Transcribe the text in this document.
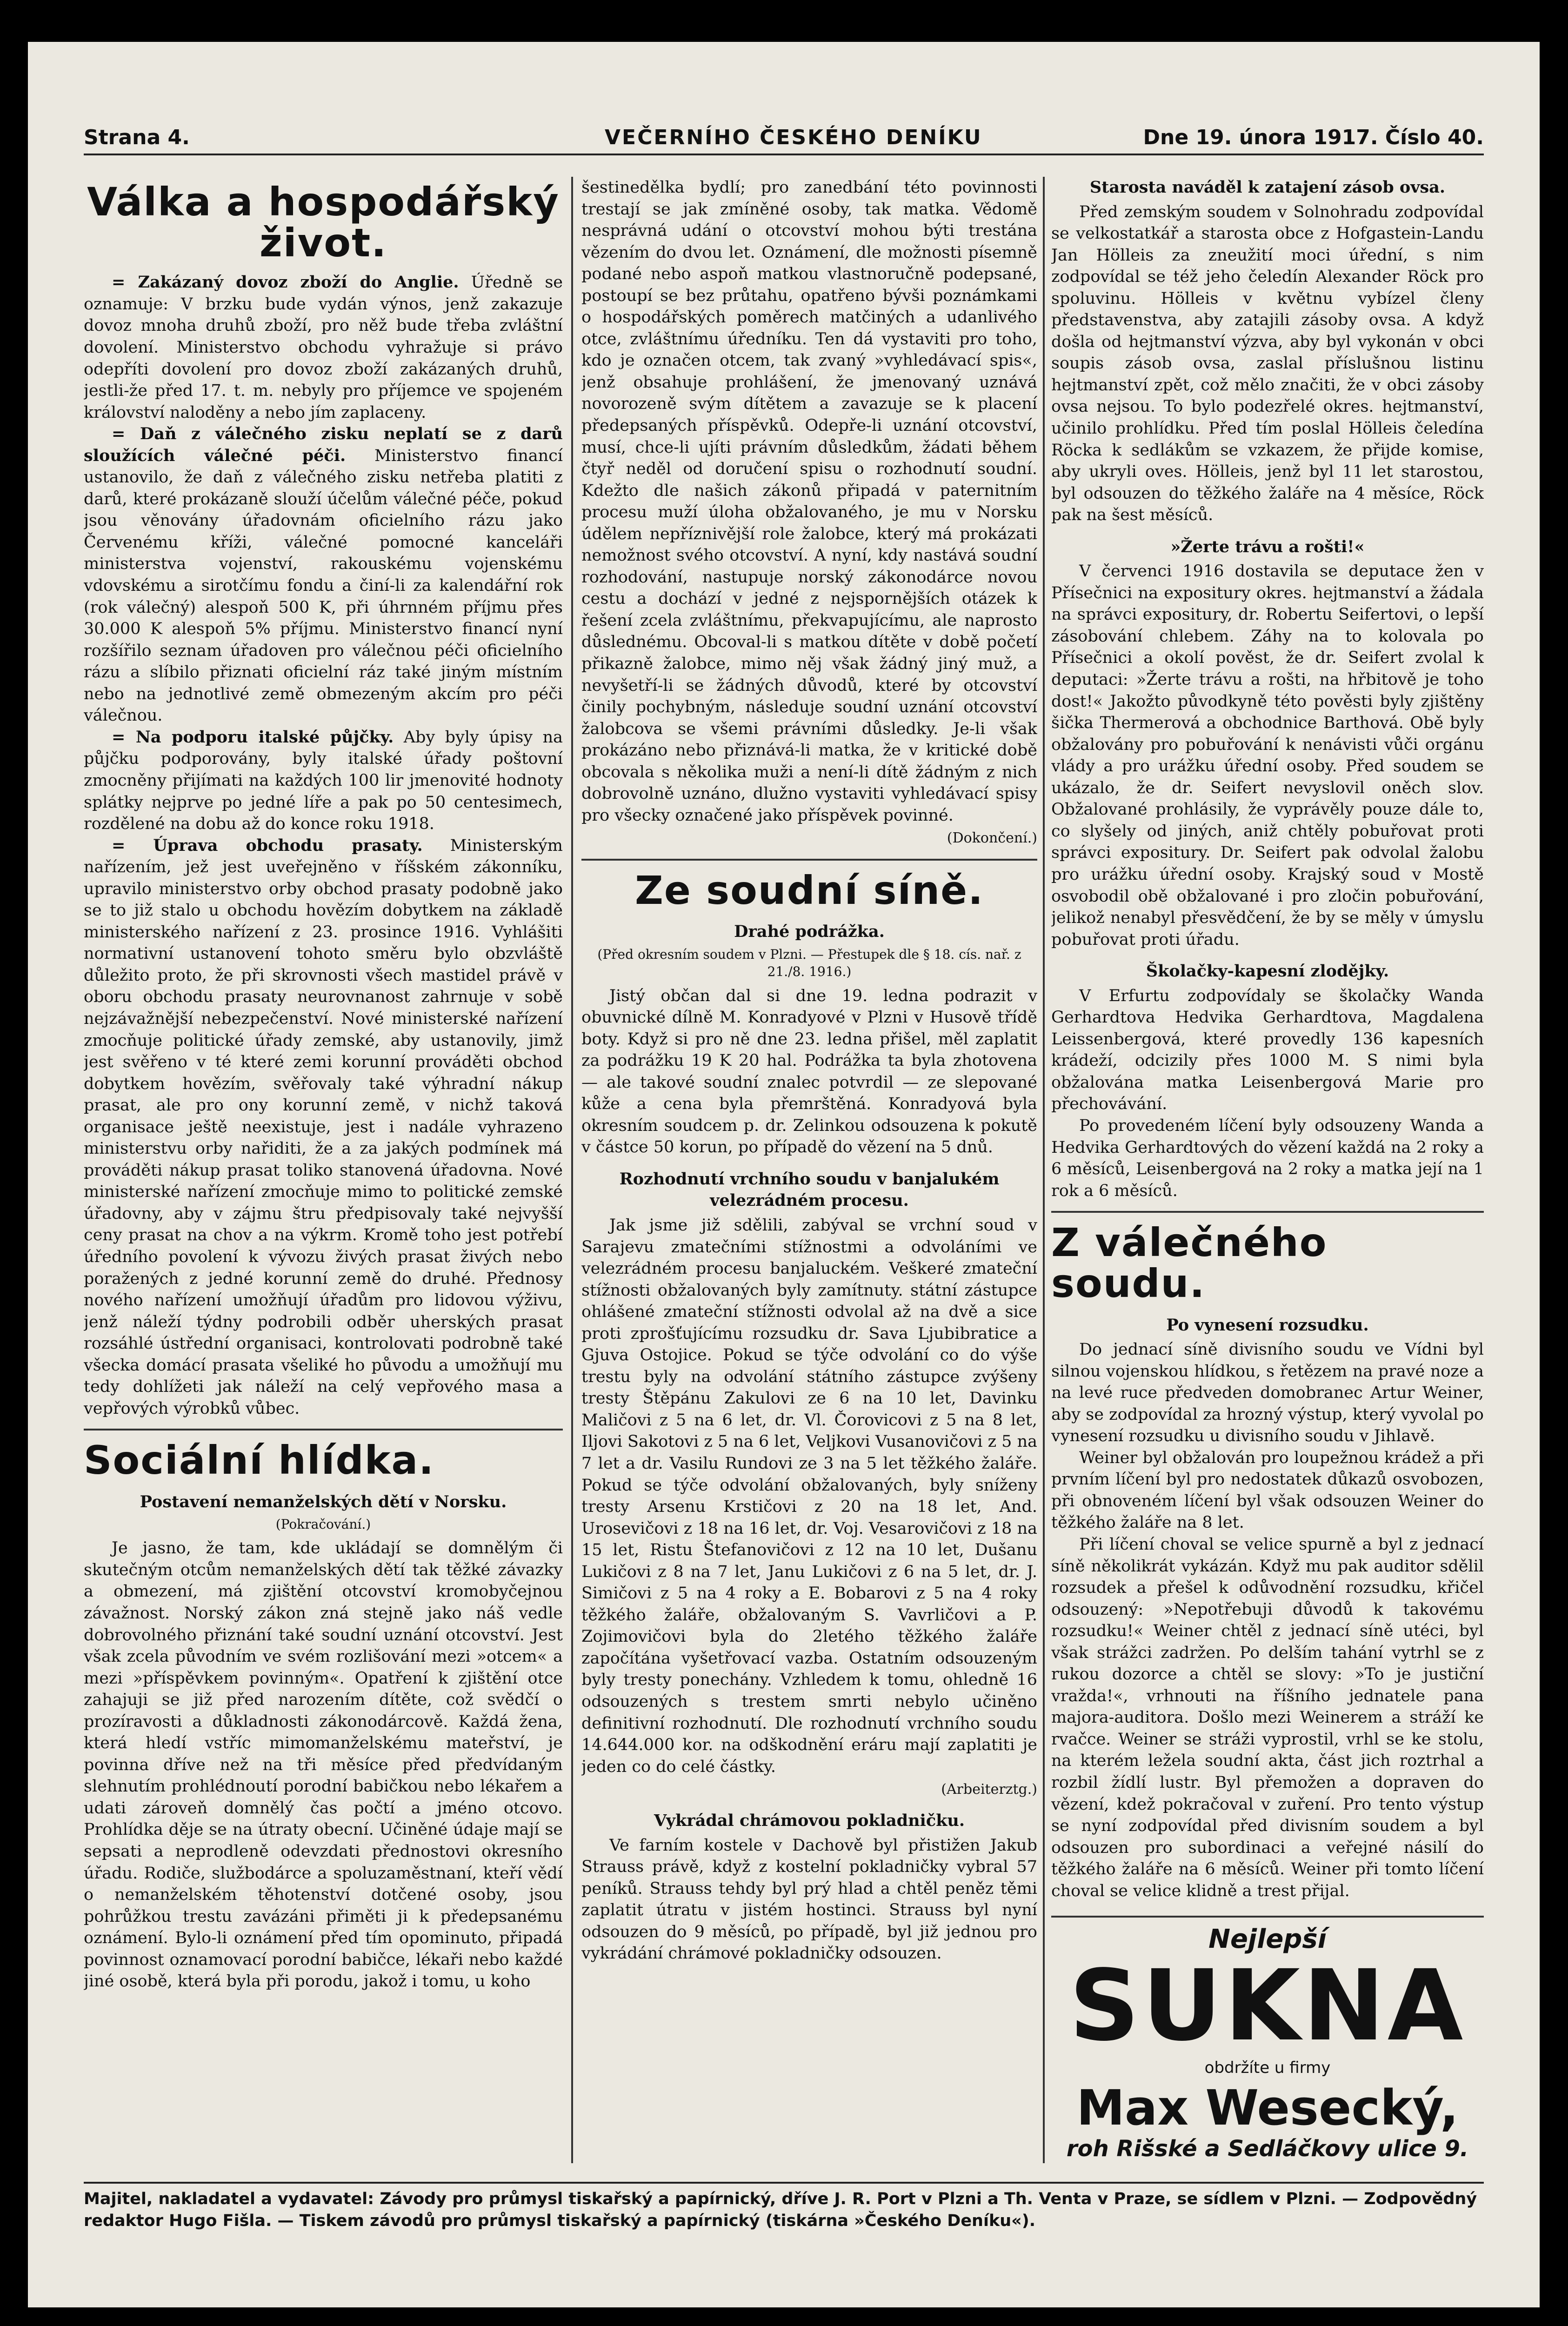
Strana 4.	VEČERNÍHO ČESKÉHO DENÍKU	Dne 19. února 1917. Číslo 40.
Válka a hospodářský život.

= Zakázaný dovoz zboží do Anglie. Úředně se oznamuje: V brzku bude vydán výnos, jenž zakazuje dovoz mnoha druhů zboží, pro něž bude třeba zvláštní dovolení. Ministerstvo obchodu vyhražuje si právo odepříti dovolení pro dovoz zboží zakázaných druhů, jestli-že před 17. t. m. nebyly pro příjemce ve spojeném království naloděny a nebo jím zaplaceny.

= Daň z válečného zisku neplatí se z darů sloužících válečné péči. Ministerstvo financí ustanovilo, že daň z válečného zisku netřeba platiti z darů, které prokázaně slouží účelům válečné péče, pokud jsou věnovány úřadovnám oficielního rázu jako Červenému kříži, válečné pomocné kanceláři ministerstva vojenství, rakouskému vojenskému vdovskému a sirotčímu fondu a činí-li za kalendářní rok (rok válečný) alespoň 500 K, při úhrnném příjmu přes 30.000 K alespoň 5% příjmu. Ministerstvo financí nyní rozšířilo seznam úřadoven pro válečnou péči oficielního rázu a slíbilo přiznati oficielní ráz také jiným místním nebo na jednotlivé země obmezeným akcím pro péči válečnou.

= Na podporu italské půjčky. Aby byly úpisy na půjčku podporovány, byly italské úřady poštovní zmocněny přijímati na každých 100 lir jmenovité hodnoty splátky nejprve po jedné líře a pak po 50 centesimech, rozdělené na dobu až do konce roku 1918.

= Úprava obchodu prasaty. Ministerským nařízením, jež jest uveřejněno v říšském zákonníku, upravilo ministerstvo orby obchod prasaty podobně jako se to již stalo u obchodu hovězím dobytkem na základě ministerského nařízení z 23. prosince 1916. Vyhlášiti normativní ustanovení tohoto směru bylo obzvláště důležito proto, že při skrovnosti všech mastidel právě v oboru obchodu prasaty neurovnanost zahrnuje v sobě nejzávažnější nebezpečenství. Nové ministerské nařízení zmocňuje politické úřady zemské, aby ustanovily, jimž jest svěřeno v té které zemi korunní prováděti obchod dobytkem hovězím, svěřovaly také výhradní nákup prasat, ale pro ony korunní země, v nichž taková organisace ještě neexistuje, jest i nadále vyhrazeno ministerstvu orby nařiditi, že a za jakých podmínek má prováděti nákup prasat toliko stanovená úřadovna. Nové ministerské nařízení zmocňuje mimo to politické zemské úřadovny, aby v zájmu štru předpisovaly také nejvyšší ceny prasat na chov a na výkrm. Kromě toho jest potřebí úředního povolení k vývozu živých prasat živých nebo poražených z jedné korunní země do druhé. Přednosy nového nařízení umožňují úřadům pro lidovou výživu, jenž náleží týdny podrobili odběr uherských prasat rozsáhlé ústřední organisaci, kontrolovati podrobně také všecka domácí prasata všeliké ho původu a umožňují mu tedy dohlížeti jak náleží na celý vepřového masa a vepřových výrobků vůbec.

Sociální hlídka.
Postavení nemanželských dětí v Norsku.
(Pokračování.)

Je jasno, že tam, kde ukládají se domnělým či skutečným otcům nemanželských dětí tak těžké závazky a obmezení, má zjištění otcovství kromobyčejnou závažnost. Norský zákon zná stejně jako náš vedle dobrovolného přiznání také soudní uznání otcovství. Jest však zcela původním ve svém rozlišování mezi »otcem« a mezi »příspěvkem povinným«. Opatření k zjištění otce zahajuji se již před narozením dítěte, což svědčí o prozíravosti a důkladnosti zákonodárcově. Každá žena, která hledí vstříc mimomanželskému mateřství, je povinna dříve než na tři měsíce před předvídaným slehnutím prohlédnoutí porodní babičkou nebo lékařem a udati zároveň domnělý čas počtí a jméno otcovo. Prohlídka děje se na útraty obecní. Učiněné údaje mají se sepsati a neprodleně odevzdati přednostovi okresního úřadu. Rodiče, službodárce a spoluzaměstnaní, kteří vědí o nemanželském těhotenství dotčené osoby, jsou pohrůžkou trestu zavázáni přiměti ji k předepsanému oznámení. Bylo-li oznámení před tím opominuto, připadá povinnost oznamovací porodní babičce, lékaři nebo každé jiné osobě, která byla při porodu, jakož i tomu, u koho

šestinedělka bydlí; pro zanedbání této povinnosti trestají se jak zmíněné osoby, tak matka. Vědomě nesprávná udání o otcovství mohou býti trestána vězením do dvou let. Oznámení, dle možnosti písemně podané nebo aspoň matkou vlastnoručně podepsané, postoupí se bez průtahu, opatřeno bývši poznámkami o hospodářských poměrech matčiných a udanlivého otce, zvláštnímu úředníku. Ten dá vystaviti pro toho, kdo je označen otcem, tak zvaný »vyhledávací spis«, jenž obsahuje prohlášení, že jmenovaný uznává novorozeně svým dítětem a zavazuje se k placení předepsaných příspěvků. Odepře-li uznání otcovství, musí, chce-li ujíti právním důsledkům, žádati během čtyř neděl od doručení spisu o rozhodnutí soudní. Kdežto dle našich zákonů připadá v paternitním procesu muží úloha obžalovaného, je mu v Norsku údělem nepříznivější role žalobce, který má prokázati nemožnost svého otcovství. A nyní, kdy nastává soudní rozhodování, nastupuje norský zákonodárce novou cestu a dochází v jedné z nejspornějších otázek k řešení zcela zvláštnímu, překvapujícímu, ale naprosto důslednému. Obcoval-li s matkou dítěte v době početí přikazně žalobce, mimo něj však žádný jiný muž, a nevyšetří-li se žádných důvodů, které by otcovství činily pochybným, následuje soudní uznání otcovství žalobcova se všemi právními důsledky. Je-li však prokázáno nebo přiznává-li matka, že v kritické době obcovala s několika muži a není-li dítě žádným z nich dobrovolně uznáno, dlužno vystaviti vyhledávací spisy pro všecky označené jako příspěvek povinné.

(Dokončení.)
Ze soudní síně.
Drahé podrážka.
(Před okresním soudem v Plzni. — Přestupek dle § 18. cís. nař. z 21./8. 1916.)

Jistý občan dal si dne 19. ledna podrazit v obuvnické dílně M. Konradyové v Plzni v Husově třídě boty. Když si pro ně dne 23. ledna přišel, měl zaplatit za podrážku 19 K 20 hal. Podrážka ta byla zhotovena — ale takové soudní znalec potvrdil — ze slepované kůže a cena byla přemrštěná. Konradyová byla okresním soudcem p. dr. Zelinkou odsouzena k pokutě v částce 50 korun, po případě do vězení na 5 dnů.

Rozhodnutí vrchního soudu v banjalukém velezrádném procesu.

Jak jsme již sdělili, zabýval se vrchní soud v Sarajevu zmatečními stížnostmi a odvoláními ve velezrádném procesu banjaluckém. Veškeré zmateční stížnosti obžalovaných byly zamítnuty. státní zástupce ohlášené zmateční stížnosti odvolal až na dvě a sice proti zprošťujícímu rozsudku dr. Sava Ljubibratice a Gjuva Ostojice. Pokud se týče odvolání co do výše trestu byly na odvolání státního zástupce zvýšeny tresty Štěpánu Zakulovi ze 6 na 10 let, Davinku Maličovi z 5 na 6 let, dr. Vl. Čorovicovi z 5 na 8 let, Iljovi Sakotovi z 5 na 6 let, Veljkovi Vusanovičovi z 5 na 7 let a dr. Vasilu Rundovi ze 3 na 5 let těžkého žaláře. Pokud se týče odvolání obžalovaných, byly sníženy tresty Arsenu Krstičovi z 20 na 18 let, And. Urosevičovi z 18 na 16 let, dr. Voj. Vesarovičovi z 18 na 15 let, Ristu Štefanovičovi z 12 na 10 let, Dušanu Lukičovi z 8 na 7 let, Janu Lukičovi z 6 na 5 let, dr. J. Simičovi z 5 na 4 roky a E. Bobarovi z 5 na 4 roky těžkého žaláře, obžalovaným S. Vavrličovi a P. Zojimovičovi byla do 2letého těžkého žaláře započítána vyšetřovací vazba. Ostatním odsouzeným byly tresty ponechány. Vzhledem k tomu, ohledně 16 odsouzených s trestem smrti nebylo učiněno definitivní rozhodnutí. Dle rozhodnutí vrchního soudu 14.644.000 kor. na odškodnění eráru mají zaplatiti je jeden co do celé částky.

(Arbeiterztg.)
Vykrádal chrámovou pokladničku.

Ve farním kostele v Dachově byl přistižen Jakub Strauss právě, když z kostelní pokladničky vybral 57 peníků. Strauss tehdy byl prý hlad a chtěl peněz těmi zaplatit útratu v jistém hostinci. Strauss byl nyní odsouzen do 9 měsíců, po případě, byl již jednou pro vykrádání chrámové pokladničky odsouzen.

Starosta naváděl k zatajení zásob ovsa.

Před zemským soudem v Solnohradu zodpovídal se velkostatkář a starosta obce z Hofgastein-Landu Jan Hölleis za zneužití moci úřední, s nim zodpovídal se též jeho čeledín Alexander Röck pro spoluvinu. Hölleis v květnu vybízel členy představenstva, aby zatajili zásoby ovsa. A když došla od hejtmanství výzva, aby byl vykonán v obci soupis zásob ovsa, zaslal příslušnou listinu hejtmanství zpět, což mělo značiti, že v obci zásoby ovsa nejsou. To bylo podezřelé okres. hejtmanství, učinilo prohlídku. Před tím poslal Hölleis čeledína Röcka k sedlákům se vzkazem, že přijde komise, aby ukryli oves. Hölleis, jenž byl 11 let starostou, byl odsouzen do těžkého žaláře na 4 měsíce, Röck pak na šest měsíců.

»Žerte trávu a rošti!«

V červenci 1916 dostavila se deputace žen v Přísečnici na expositury okres. hejtmanství a žádala na správci expositury, dr. Robertu Seifertovi, o lepší zásobování chlebem. Záhy na to kolovala po Přísečnici a okolí pověst, že dr. Seifert zvolal k deputaci: »Žerte trávu a rošti, na hřbitově je toho dost!« Jakožto původkyně této pověsti byly zjištěny šička Thermerová a obchodnice Barthová. Obě byly obžalovány pro pobuřování k nenávisti vůči orgánu vlády a pro urážku úřední osoby. Před soudem se ukázalo, že dr. Seifert nevyslovil oněch slov. Obžalované prohlásily, že vyprávěly pouze dále to, co slyšely od jiných, aniž chtěly pobuřovat proti správci expositury. Dr. Seifert pak odvolal žalobu pro urážku úřední osoby. Krajský soud v Mostě osvobodil obě obžalované i pro zločin pobuřování, jelikož nenabyl přesvědčení, že by se měly v úmyslu pobuřovat proti úřadu.

Školačky-kapesní zlodějky.

V Erfurtu zodpovídaly se školačky Wanda Gerhardtova Hedvika Gerhardtova, Magdalena Leissenbergová, které provedly 136 kapesních krádeží, odcizily přes 1000 M. S nimi byla obžalována matka Leisenbergová Marie pro přechovávání.

Po provedeném líčení byly odsouzeny Wanda a Hedvika Gerhardtových do vězení každá na 2 roky a 6 měsíců, Leisenbergová na 2 roky a matka její na 1 rok a 6 měsíců.

Z válečného soudu.
Po vynesení rozsudku.

Do jednací síně divisního soudu ve Vídni byl silnou vojenskou hlídkou, s řetězem na pravé noze a na levé ruce předveden domobranec Artur Weiner, aby se zodpovídal za hrozný výstup, který vyvolal po vynesení rozsudku u divisního soudu v Jihlavě.

Weiner byl obžalován pro loupežnou krádež a při prvním líčení byl pro nedostatek důkazů osvobozen, při obnoveném líčení byl však odsouzen Weiner do těžkého žaláře na 8 let.

Při líčení choval se velice spurně a byl z jednací síně několikrát vykázán. Když mu pak auditor sdělil rozsudek a přešel k odůvodnění rozsudku, křičel odsouzený: »Nepotřebuji důvodů k takovému rozsudku!« Weiner chtěl z jednací síně utéci, byl však strážci zadržen. Po delším tahání vytrhl se z rukou dozorce a chtěl se slovy: »To je justiční vražda!«, vrhnouti na říšního jednatele pana majora-auditora. Došlo mezi Weinerem a stráží ke rvačce. Weiner se stráži vyprostil, vrhl se ke stolu, na kterém ležela soudní akta, část jich roztrhal a rozbil žídlí lustr. Byl přemožen a dopraven do vězení, kdež pokračoval v zuření. Pro tento výstup se nyní zodpovídal před divisním soudem a byl odsouzen pro subordinaci a veřejné násilí do těžkého žaláře na 6 měsíců. Weiner při tomto líčení choval se velice klidně a trest přijal.

Nejlepší
SUKNA
obdržíte u firmy
Max Wesecký,
roh Rišské a Sedláčkovy ulice 9.
Majitel, nakladatel a vydavatel: Závody pro průmysl tiskařský a papírnický, dříve J. R. Port v Plzni a Th. Venta v Praze, se sídlem v Plzni. — Zodpovědný redaktor Hugo Fišla. — Tiskem závodů pro průmysl tiskařský a papírnický (tiskárna »Českého Deníku«).
